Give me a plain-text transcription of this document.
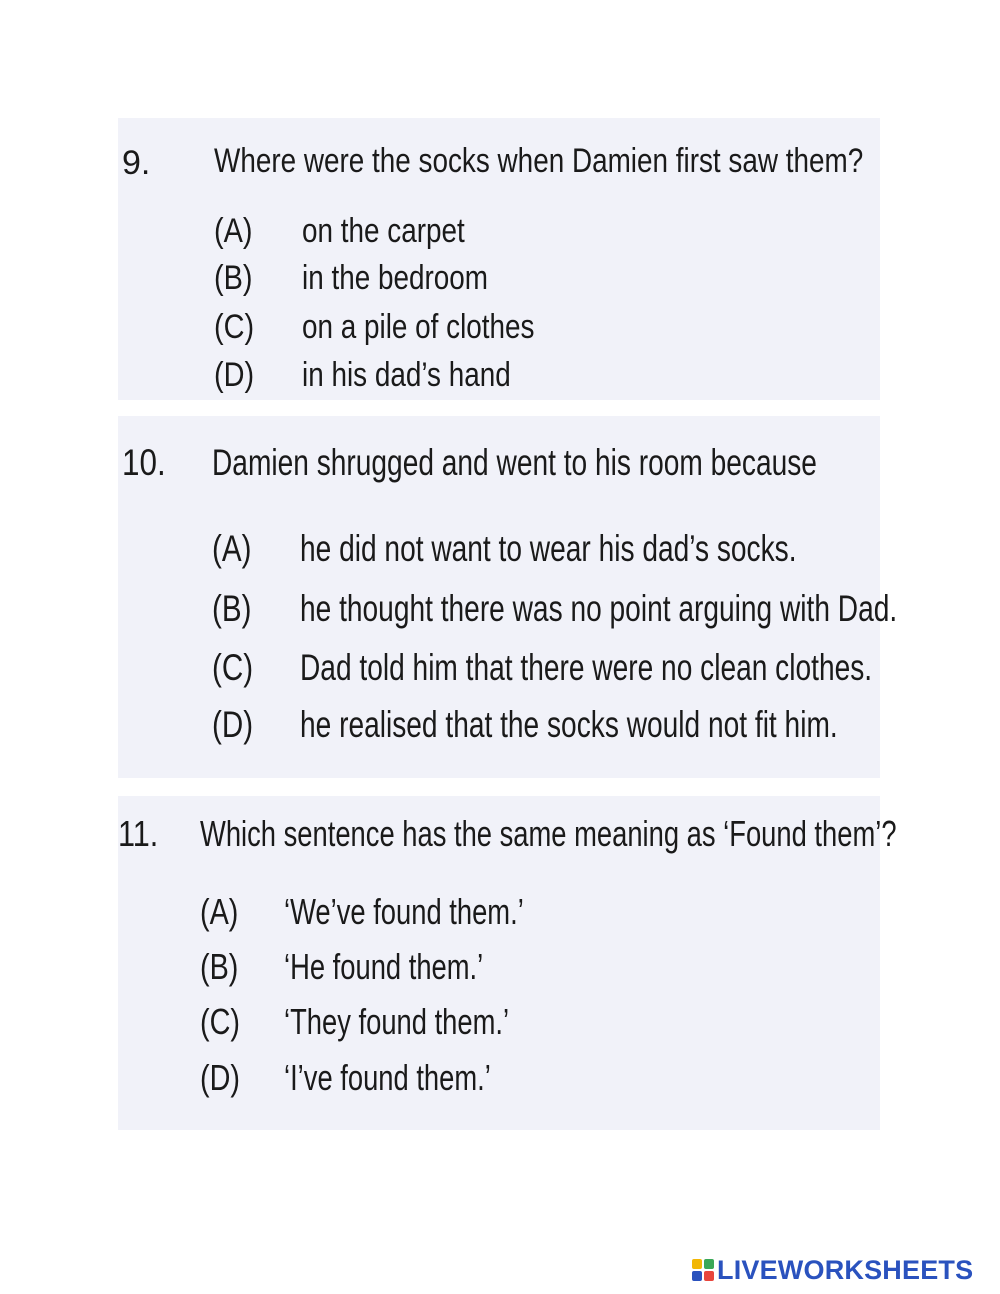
9. Where were the socks when Damien first saw them?
(A) on the carpet
(B) in the bedroom
(C) on a pile of clothes
(D) in his dad’s hand
10. Damien shrugged and went to his room because
(A) he did not want to wear his dad’s socks.
(B) he thought there was no point arguing with Dad.
(C) Dad told him that there were no clean clothes.
(D) he realised that the socks would not fit him.
11. Which sentence has the same meaning as ‘Found them’?
(A) ‘We’ve found them.’
(B) ‘He found them.’
(C) ‘They found them.’
(D) ‘I’ve found them.’
LIVEWORKSHEETS
